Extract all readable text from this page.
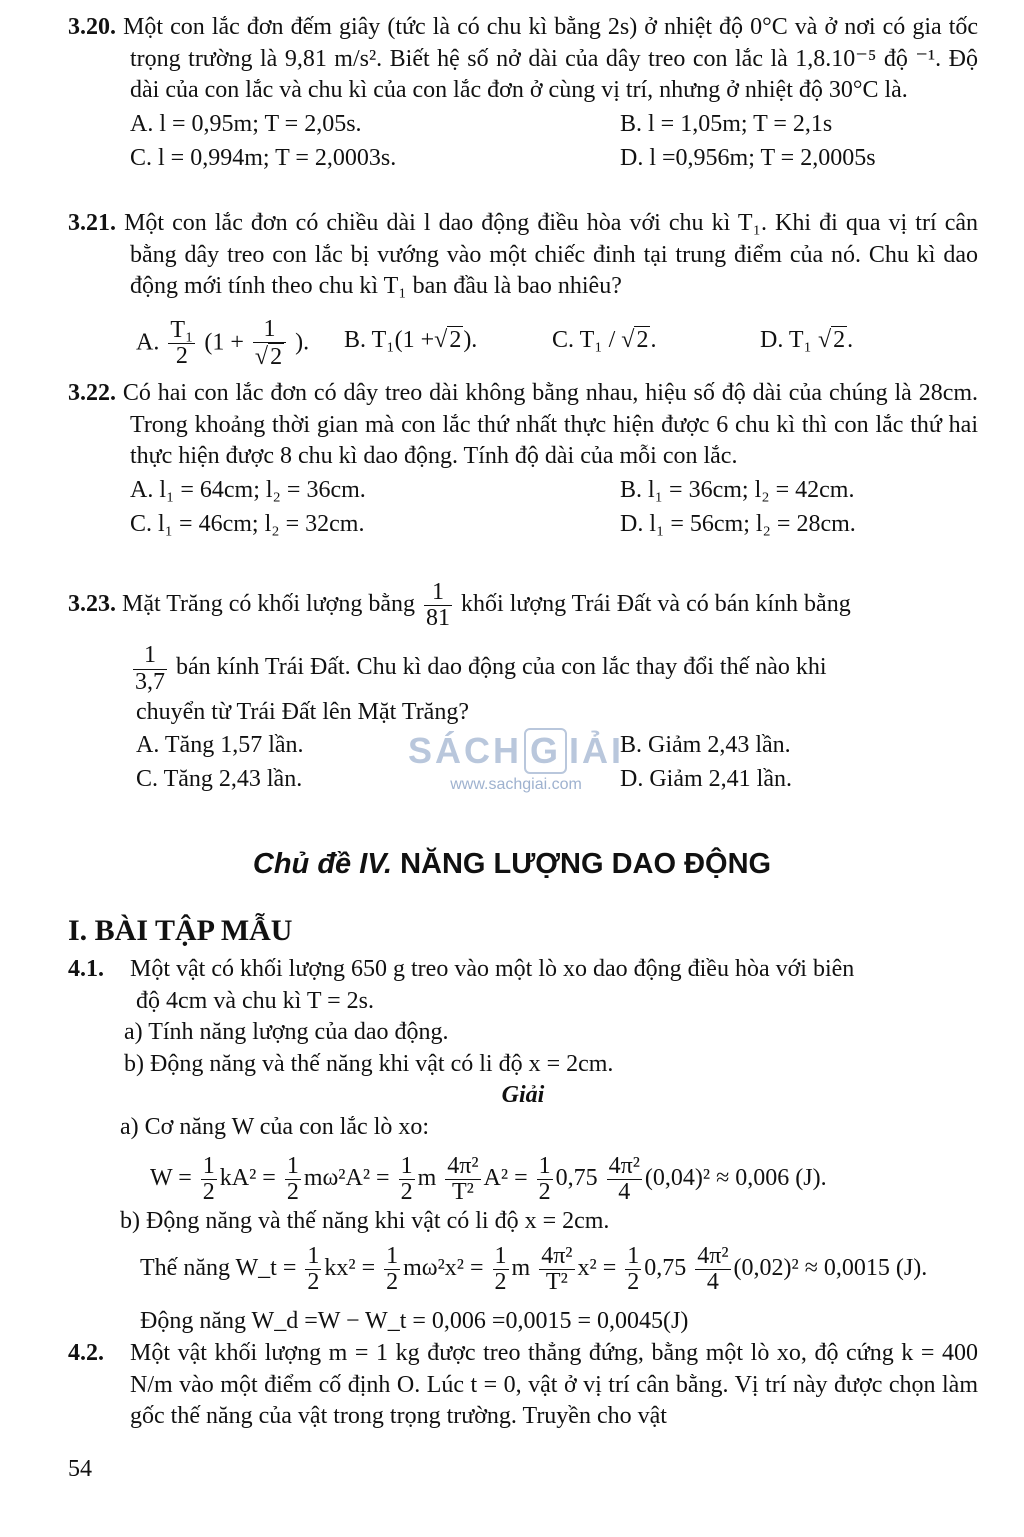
3.20. Một con lắc đơn đếm giây (tức là có chu kì bằng 2s) ở nhiệt độ 0°C và ở nơi có gia tốc trọng trường là 9,81 m/s². Biết hệ số nở dài của dây treo con lắc là 1,8.10⁻⁵ độ ⁻¹. Độ dài của con lắc và chu kì của con lắc đơn ở cùng vị trí, nhưng ở nhiệt độ 30°C là.
A. l = 0,95m; T = 2,05s.	B. l = 1,05m; T = 2,1s
C. l = 0,994m; T = 2,0003s.	D. l =0,956m; T = 2,0005s
3.21. Một con lắc đơn có chiều dài l dao động điều hòa với chu kì T₁. Khi đi qua vị trí cân bằng dây treo con lắc bị vướng vào một chiếc đinh tại trung điểm của nó. Chu kì dao động mới tính theo chu kì T₁ ban đầu là bao nhiêu?
A. $\frac{\text{T₁}}{2} (1 + \frac{1}{√2}$ ). B. T₁(1 +√2).	C. T₁ / √2.	D. T₁ √2.
3.22. Có hai con lắc đơn có dây treo dài không bằng nhau, hiệu số độ dài của chúng là 28cm. Trong khoảng thời gian mà con lắc thứ nhất thực hiện được 6 chu kì thì con lắc thứ hai thực hiện được 8 chu kì dao động. Tính độ dài của mỗi con lắc.
A. l₁ = 64cm; l₂ = 36cm.	B. l₁ = 36cm; l₂ = 42cm.
C. l₁ = 46cm; l₂ = 32cm.	D. l₁ = 56cm; l₂ = 28cm.
3.23. Mặt Trăng có khối lượng bằng $\frac{1}{81}$ khối lượng Trái Đất và có bán kính bằng
$\frac{1}{3,7}$ bán kính Trái Đất. Chu kì dao động của con lắc thay đổi thế nào khi
chuyển từ Trái Đất lên Mặt Trăng?
A. Tăng 1,57 lần.	B. Giảm 2,43 lần.
C. Tăng 2,43 lần.	D. Giảm 2,41 lần.
SÁCH G IẢI
www.sachgiai.com
Chủ đề IV. NĂNG LƯỢNG DAO ĐỘNG
I. BÀI TẬP MẪU
4.1. Một vật có khối lượng 650 g treo vào một lò xo dao động điều hòa với biên
độ 4cm và chu kì T = 2s.
a) Tính năng lượng của dao động.
b) Động năng và thế năng khi vật có li độ x = 2cm.
Giải
a) Cơ năng W của con lắc lò xo:
$W = \frac{1}{2} kA^2 = \frac{1}{2} m\omega^2A^2 = \frac{1}{2}$ m $\frac{\text{4π²}}{\text{T²}} A^2 = \frac{1}{2} 0,75 \frac{\text{4π²}}{4} (0,04)^2 \approx 0,006$ (J).
b) Động năng và thế năng khi vật có li độ x = 2cm.
Thế năng W_t = $\frac{1}{2} kx^2 = \frac{1}{2} m\omega^2x^2 = \frac{1}{2}$ m $\frac{\text{4π²}}{\text{T²}} x^2 = \frac{1}{2} 0,75 \frac{\text{4π²}}{4} (0,02)^2 \approx 0,0015$ (J).
Động năng W_d =W − W_t = 0,006 =0,0015 = 0,0045(J)
4.2. Một vật khối lượng m = 1 kg được treo thẳng đứng, bằng một lò xo, độ cứng k = 400 N/m vào một điểm cố định O. Lúc t = 0, vật ở vị trí cân bằng. Vị trí này được chọn làm gốc thế năng của vật trong trọng trường. Truyền cho vật
54
